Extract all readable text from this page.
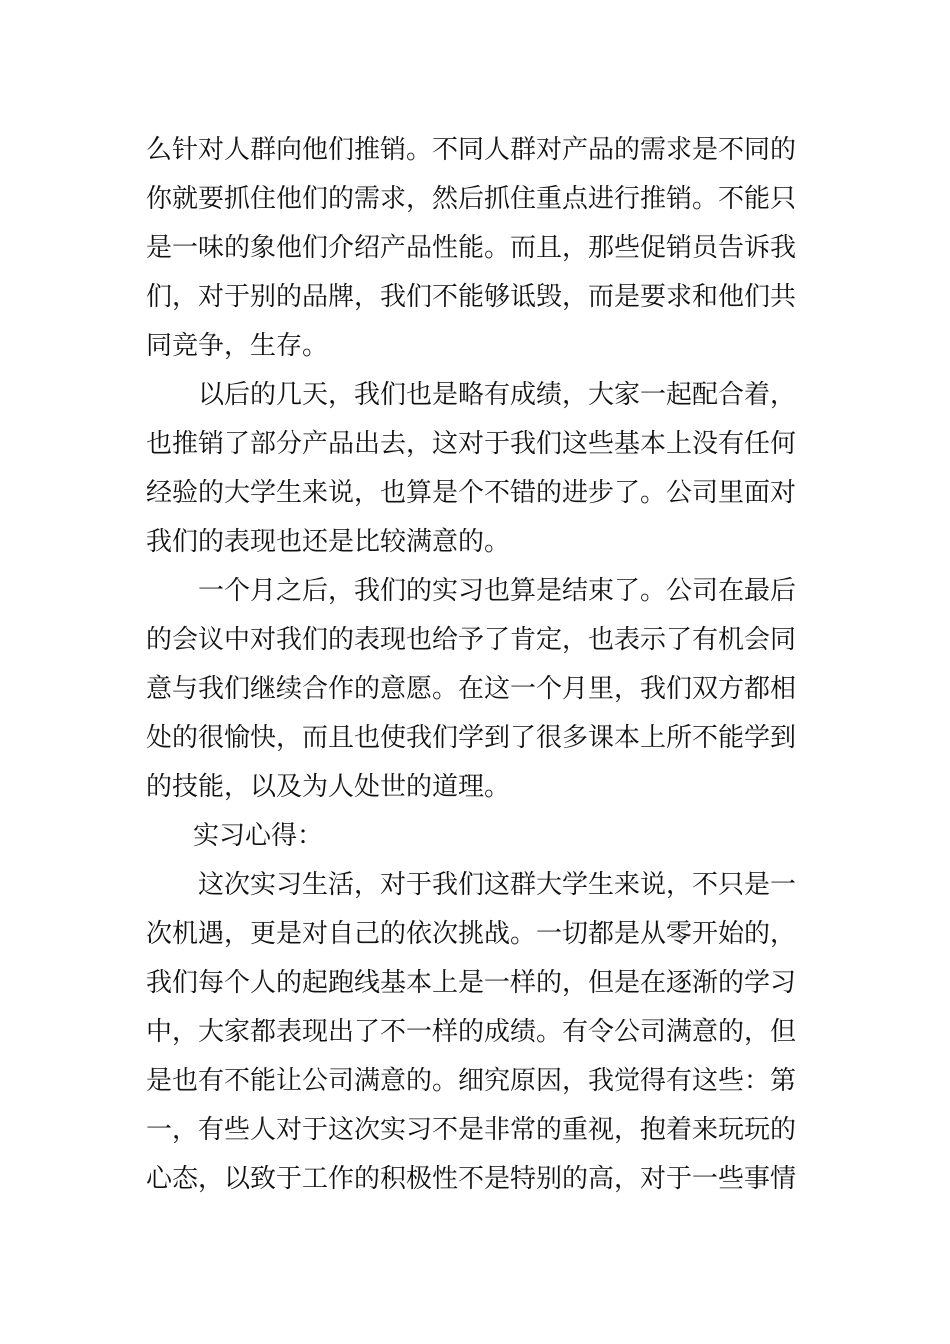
么针对人群向他们推销。不同人群对产品的需求是不同的
你就要抓住他们的需求，然后抓住重点进行推销。不能只
是一味的象他们介绍产品性能。而且，那些促销员告诉我
们，对于别的品牌，我们不能够诋毁，而是要求和他们共
同竞争，生存。
以后的几天，我们也是略有成绩，大家一起配合着，
也推销了部分产品出去，这对于我们这些基本上没有任何
经验的大学生来说，也算是个不错的进步了。公司里面对
我们的表现也还是比较满意的。
一个月之后，我们的实习也算是结束了。公司在最后
的会议中对我们的表现也给予了肯定，也表示了有机会同
意与我们继续合作的意愿。在这一个月里，我们双方都相
处的很愉快，而且也使我们学到了很多课本上所不能学到
的技能，以及为人处世的道理。
实习心得：
这次实习生活，对于我们这群大学生来说，不只是一
次机遇，更是对自己的依次挑战。一切都是从零开始的，
我们每个人的起跑线基本上是一样的，但是在逐渐的学习
中，大家都表现出了不一样的成绩。有令公司满意的，但
是也有不能让公司满意的。细究原因，我觉得有这些：第
一，有些人对于这次实习不是非常的重视，抱着来玩玩的
心态，以致于工作的积极性不是特别的高，对于一些事情
